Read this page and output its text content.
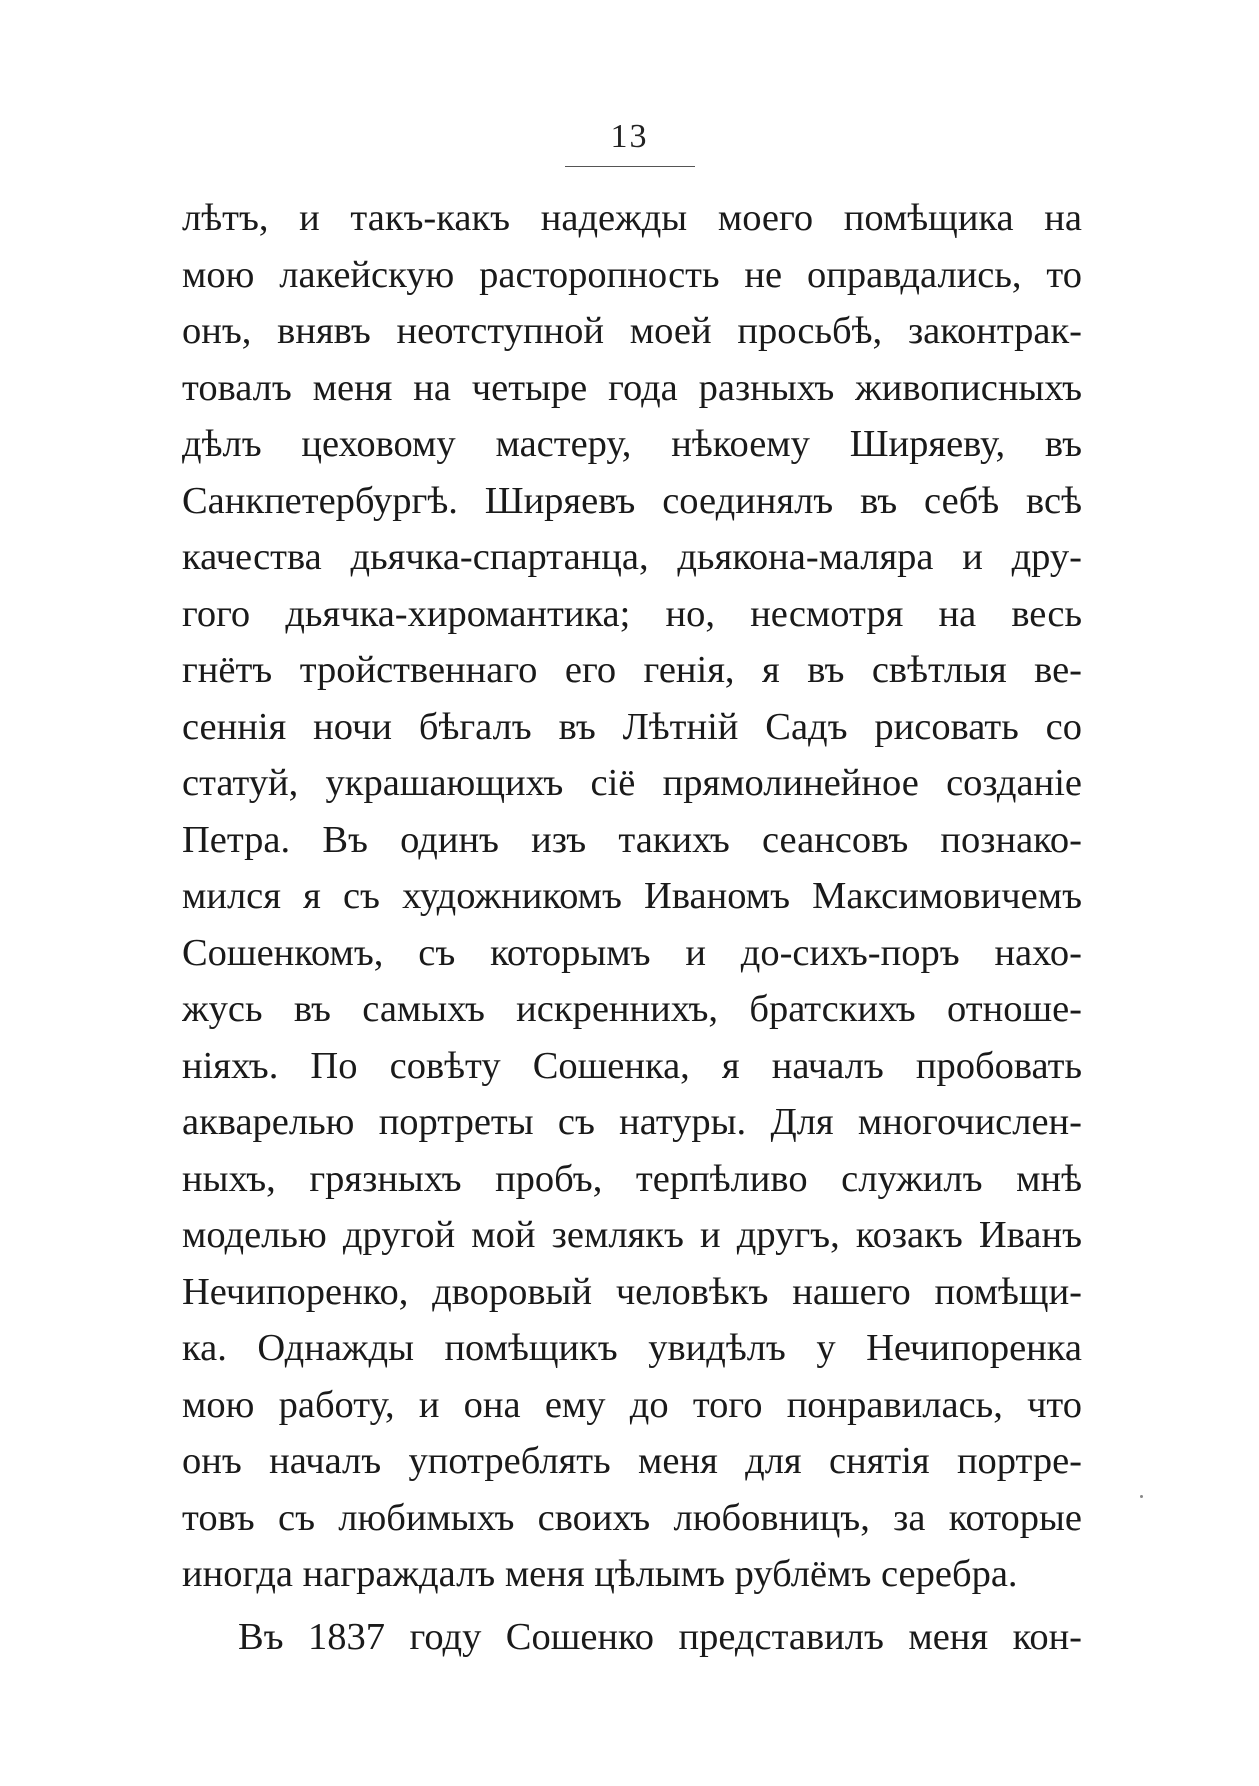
13
лѣтъ, и такъ-какъ надежды моего помѣщика на
мою лакейскую расторопность не оправдались, то
онъ, внявъ неотступной моей просьбѣ, законтрак-
товалъ меня на четыре года разныхъ живописныхъ
дѣлъ цеховому мастеру, нѣкоему Ширяеву, въ
Санкпетербургѣ. Ширяевъ соединялъ въ себѣ всѣ
качества дьячка-спартанца, дьякона-маляра и дру-
гого дьячка-хиромантика; но, несмотря на весь
гнётъ тройственнаго его генія, я въ свѣтлыя ве-
сеннія ночи бѣгалъ въ Лѣтній Садъ рисовать со
статуй, украшающихъ сіё прямолинейное созданіе
Петра. Въ одинъ изъ такихъ сеансовъ познако-
мился я съ художникомъ Иваномъ Максимовичемъ
Сошенкомъ, съ которымъ и до-сихъ-поръ нахо-
жусь въ самыхъ искреннихъ, братскихъ отноше-
ніяхъ. По совѣту Сошенка, я началъ пробовать
акварелью портреты съ натуры. Для многочислен-
ныхъ, грязныхъ пробъ, терпѣливо служилъ мнѣ
моделью другой мой землякъ и другъ, козакъ Иванъ
Нечипоренко, дворовый человѣкъ нашего помѣщи-
ка. Однажды помѣщикъ увидѣлъ у Нечипоренка
мою работу, и она ему до того понравилась, что
онъ началъ употреблять меня для снятія портре-
товъ съ любимыхъ своихъ любовницъ, за которые
иногда награждалъ меня цѣлымъ рублёмъ серебра.
Въ 1837 году Сошенко представилъ меня кон-
